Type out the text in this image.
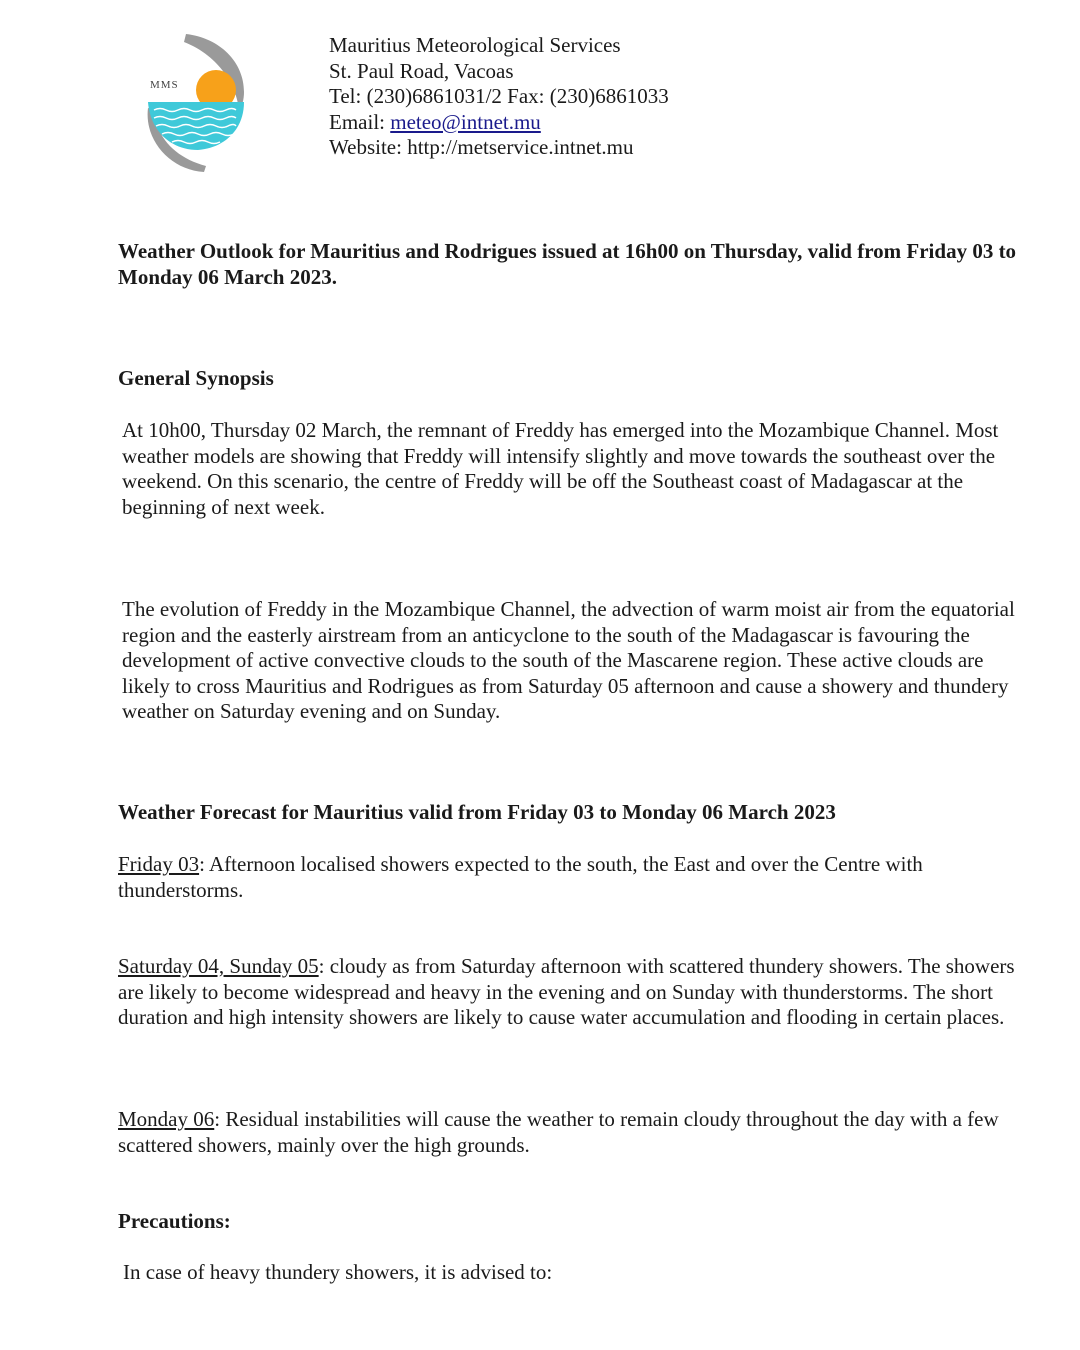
MMS
Mauritius Meteorological Services
St. Paul Road, Vacoas
Tel: (230)6861031/2 Fax: (230)6861033
Email: meteo@intnet.mu
Website: http://metservice.intnet.mu
Weather Outlook for Mauritius and Rodrigues issued at 16h00 on Thursday, valid from Friday 03 to Monday 06 March 2023.
General Synopsis
At 10h00, Thursday 02 March, the remnant of Freddy has emerged into the Mozambique Channel. Most weather models are showing that Freddy will intensify slightly and move towards the southeast over the weekend. On this scenario, the centre of Freddy will be off the Southeast coast of Madagascar at the beginning of next week.
The evolution of Freddy in the Mozambique Channel, the advection of warm moist air from the equatorial region and the easterly airstream from an anticyclone to the south of the Madagascar is favouring the development of active convective clouds to the south of the Mascarene region. These active clouds are likely to cross Mauritius and Rodrigues as from Saturday 05 afternoon and cause a showery and thundery weather on Saturday evening and on Sunday.
Weather Forecast for Mauritius valid from Friday 03 to Monday 06 March 2023
Friday 03: Afternoon localised showers expected to the south, the East and over the Centre with thunderstorms.
Saturday 04, Sunday 05: cloudy as from Saturday afternoon with scattered thundery showers. The showers are likely to become widespread and heavy in the evening and on Sunday with thunderstorms. The short duration and high intensity showers are likely to cause water accumulation and flooding in certain places.
Monday 06: Residual instabilities will cause the weather to remain cloudy throughout the day with a few scattered showers, mainly over the high grounds.
Precautions:
In case of heavy thundery showers, it is advised to:
